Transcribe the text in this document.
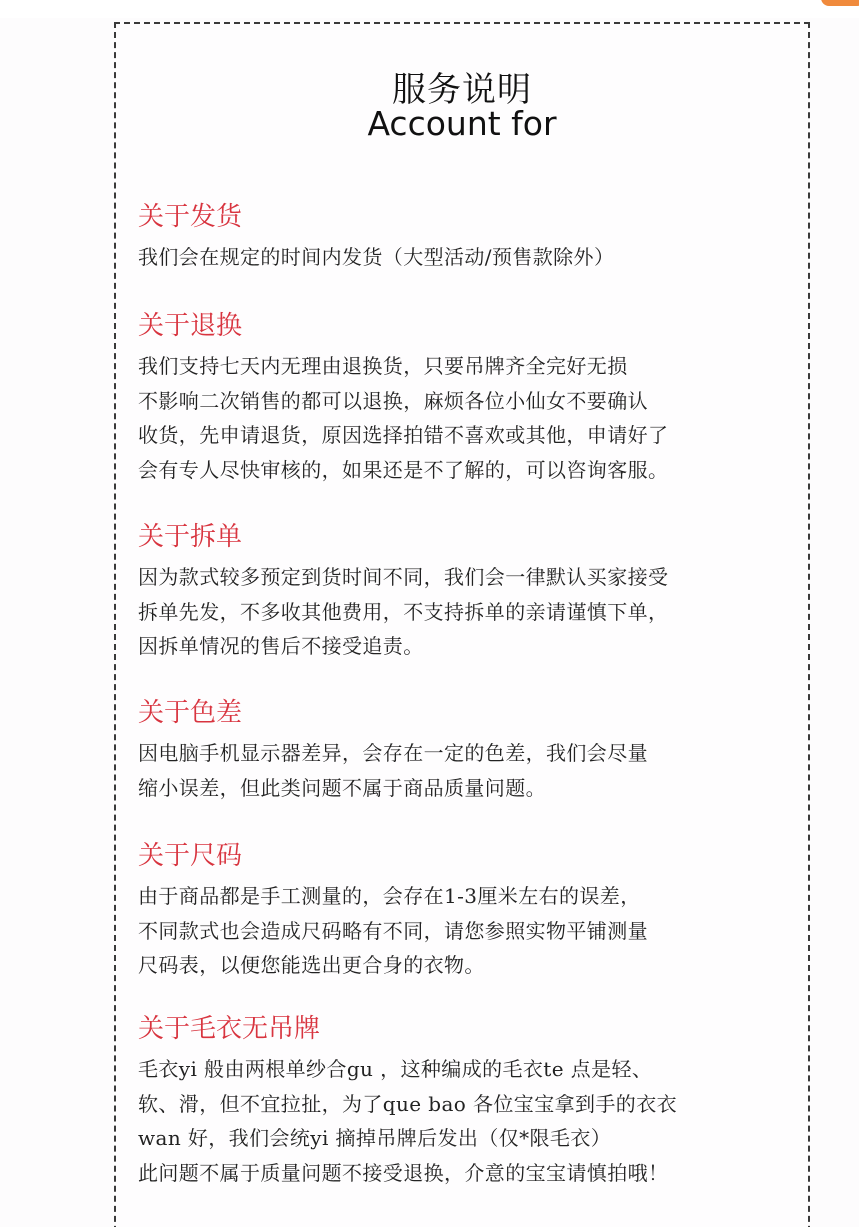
服务说明
Account for
关于发货
我们会在规定的时间内发货（大型活动/预售款除外）
关于退换
我们支持七天内无理由退换货，只要吊牌齐全完好无损
不影响二次销售的都可以退换，麻烦各位小仙女不要确认
收货，先申请退货，原因选择拍错不喜欢或其他，申请好了
会有专人尽快审核的，如果还是不了解的，可以咨询客服。
关于拆单
因为款式较多预定到货时间不同，我们会一律默认买家接受
拆单先发，不多收其他费用，不支持拆单的亲请谨慎下单，
因拆单情况的售后不接受追责。
关于色差
因电脑手机显示器差异，会存在一定的色差，我们会尽量
缩小误差，但此类问题不属于商品质量问题。
关于尺码
由于商品都是手工测量的，会存在1-3厘米左右的误差，
不同款式也会造成尺码略有不同，请您参照实物平铺测量
尺码表，以便您能选出更合身的衣物。
关于毛衣无吊牌
毛衣yi 般由两根单纱合gu ，这种编成的毛衣te 点是轻、
软、滑，但不宜拉扯，为了que bao 各位宝宝拿到手的衣衣
wan 好，我们会统yi 摘掉吊牌后发出（仅*限毛衣）
此问题不属于质量问题不接受退换，介意的宝宝请慎拍哦！
